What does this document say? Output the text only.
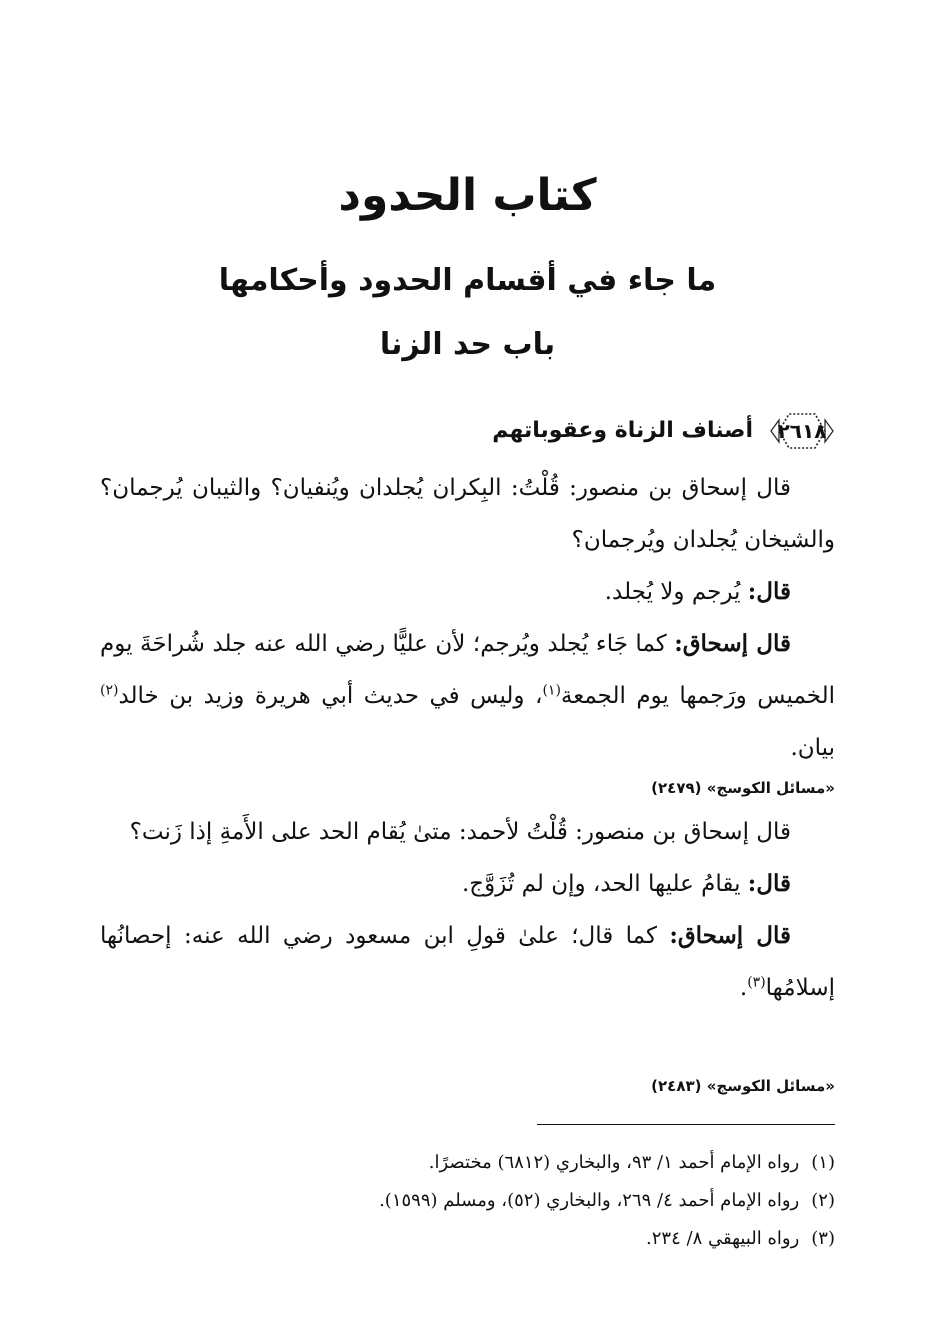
كتاب الحدود
ما جاء في أقسام الحدود وأحكامها
باب حد الزنا
٢٦١٨
أصناف الزناة وعقوباتهم

قال إسحاق بن منصور: قُلْتُ: البِكران يُجلدان ويُنفيان؟ والثيبان يُرجمان؟ والشيخان يُجلدان ويُرجمان؟

قال: يُرجم ولا يُجلد.

قال إسحاق: كما جَاء يُجلد ويُرجم؛ لأن عليًّا رضي الله عنه جلد شُراحَةَ يوم الخميس ورَجمها يوم الجمعة$^{(١)}$، وليس في حديث أبي هريرة وزيد بن خالد$^{(٢)}$ بيان.

«مسائل الكوسج» (٢٤٧٩)

قال إسحاق بن منصور: قُلْتُ لأحمد: متىٰ يُقام الحد على الأَمةِ إذا زَنت؟

قال: يقامُ عليها الحد، وإن لم تُزَوَّج.

قال إسحاق: كما قال؛ علىٰ قولِ ابن مسعود رضي الله عنه: إحصانُها إسلامُها$^{(٣)}$.

«مسائل الكوسج» (٢٤٨٣)
(١)
رواه الإمام أحمد ١/ ٩٣، والبخاري (٦٨١٢) مختصرًا.
(٢)
رواه الإمام أحمد ٤/ ٢٦٩، والبخاري (٥٢)، ومسلم (١٥٩٩).
(٣)
رواه البيهقي ٨/ ٢٣٤.
